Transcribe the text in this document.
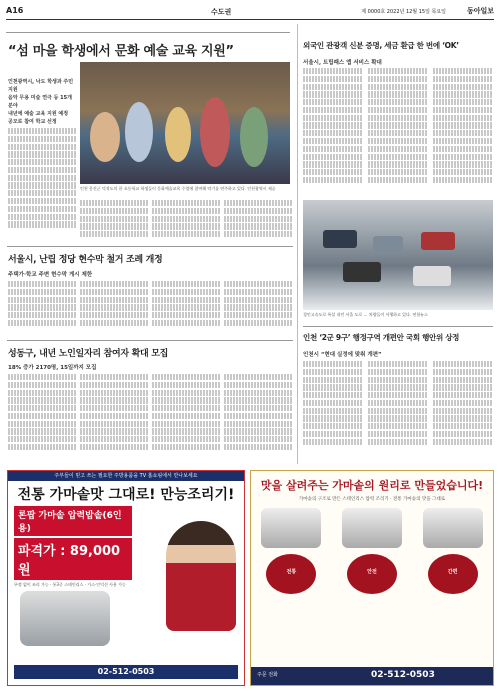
A16	수도권	제 0000호 2022년 12월 15일 목요일	동아일보
“섬 마을 학생에서 문화 예술 교육 지원”
인천광역시, 낙도 학생과 주민 지원
음악 무용 미술 연극 등 15개 분야
내년에 예술 교육 지원 예정
공모로 참여 학교 선정
인천 옹진군 덕적도의 한 초등학교 학생들이 문화예술교육 수업에 참여해 악기를 연주하고 있다. 인천광역시 제공
외국인 관광객 신분 증명, 세금 환급 한 번에 ‘OK’
서울시, 트립패스 앱 서비스 확대
경인고속도로 폭설 내린 서울 도로 … 차량들이 서행하고 있다. 연합뉴스
서울시, 난립 정당 현수막 철거 조례 개정
주택가·학교 주변 현수막 게시 제한
성동구, 내년 노인일자리 참여자 확대 모집
18% 증가 2170명, 15일까지 모집
인천 ‘2군 9구’ 행정구역 개편안 국회 행안위 상정
인천시 “현대 실정에 맞춰 개편”
주부들이 믿고 쓰는 필요한 주방용품을 TV 홈쇼핑에서 만나보세요
전통 가마솥맛 그대로! 만능조리기!
론팝 가마솥 압력밥솥(6인용)
파격가 : 89,000원
뚜껑 없이 조리 가능 · 통3중 스테인리스 · 가스·인덕션 사용 가능
02-512-0503
맛을 살려주는 가마솥의 원리로 만들었습니다!
가마솥의 구조로 만든 스테인리스 압력 조리기 · 전통 가마솥의 맛을 그대로
전통	안전	간편
주문 전화	02-512-0503
